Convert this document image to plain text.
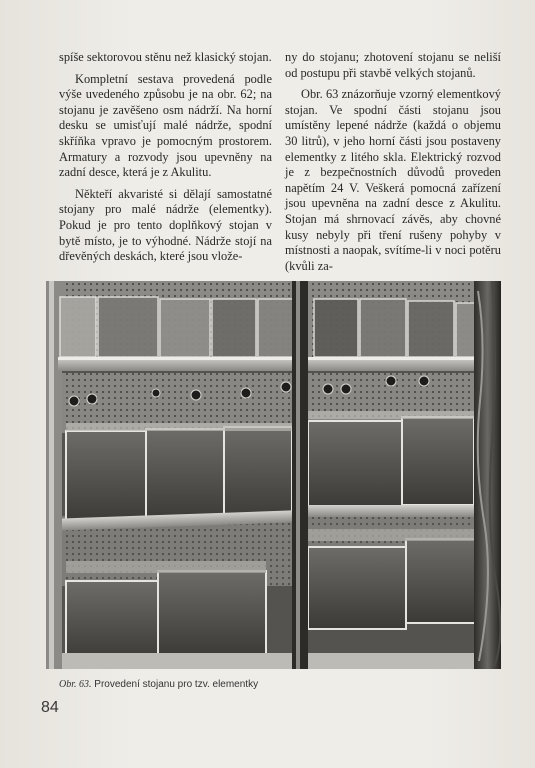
spíše sektorovou stěnu než klasický stojan.

Kompletní sestava provedená podle výše uvedeného způsobu je na obr. 62; na stojanu je zavěšeno osm nádrží. Na horní desku se umisťují malé nádrže, spodní skříňka vpravo je pomocným prostorem. Armatury a rozvody jsou upevněny na zadní desce, která je z Akulitu.

Někteří akvaristé si dělají samostatné stojany pro malé nádrže (elementky). Pokud je pro tento doplňkový stojan v bytě místo, je to výhodné. Nádrže stojí na dřevěných deskách, které jsou vlože-

ny do stojanu; zhotovení stojanu se neliší od postupu při stavbě velkých stojanů.

Obr. 63 znázorňuje vzorný elementkový stojan. Ve spodní části stojanu jsou umístěny lepené nádrže (každá o objemu 30 litrů), v jeho horní části jsou postaveny elementky z litého skla. Elektrický rozvod je z bezpečnostních důvodů proveden napětím 24 V. Veškerá pomocná zařízení jsou upevněna na zadní desce z Akulitu. Stojan má shrnovací závěs, aby chovné kusy nebyly při tření rušeny pohyby v místnosti a naopak, svítíme-li v noci potěru (kvůli za-

Obr. 63. Provedení stojanu pro tzv. elementky
84
